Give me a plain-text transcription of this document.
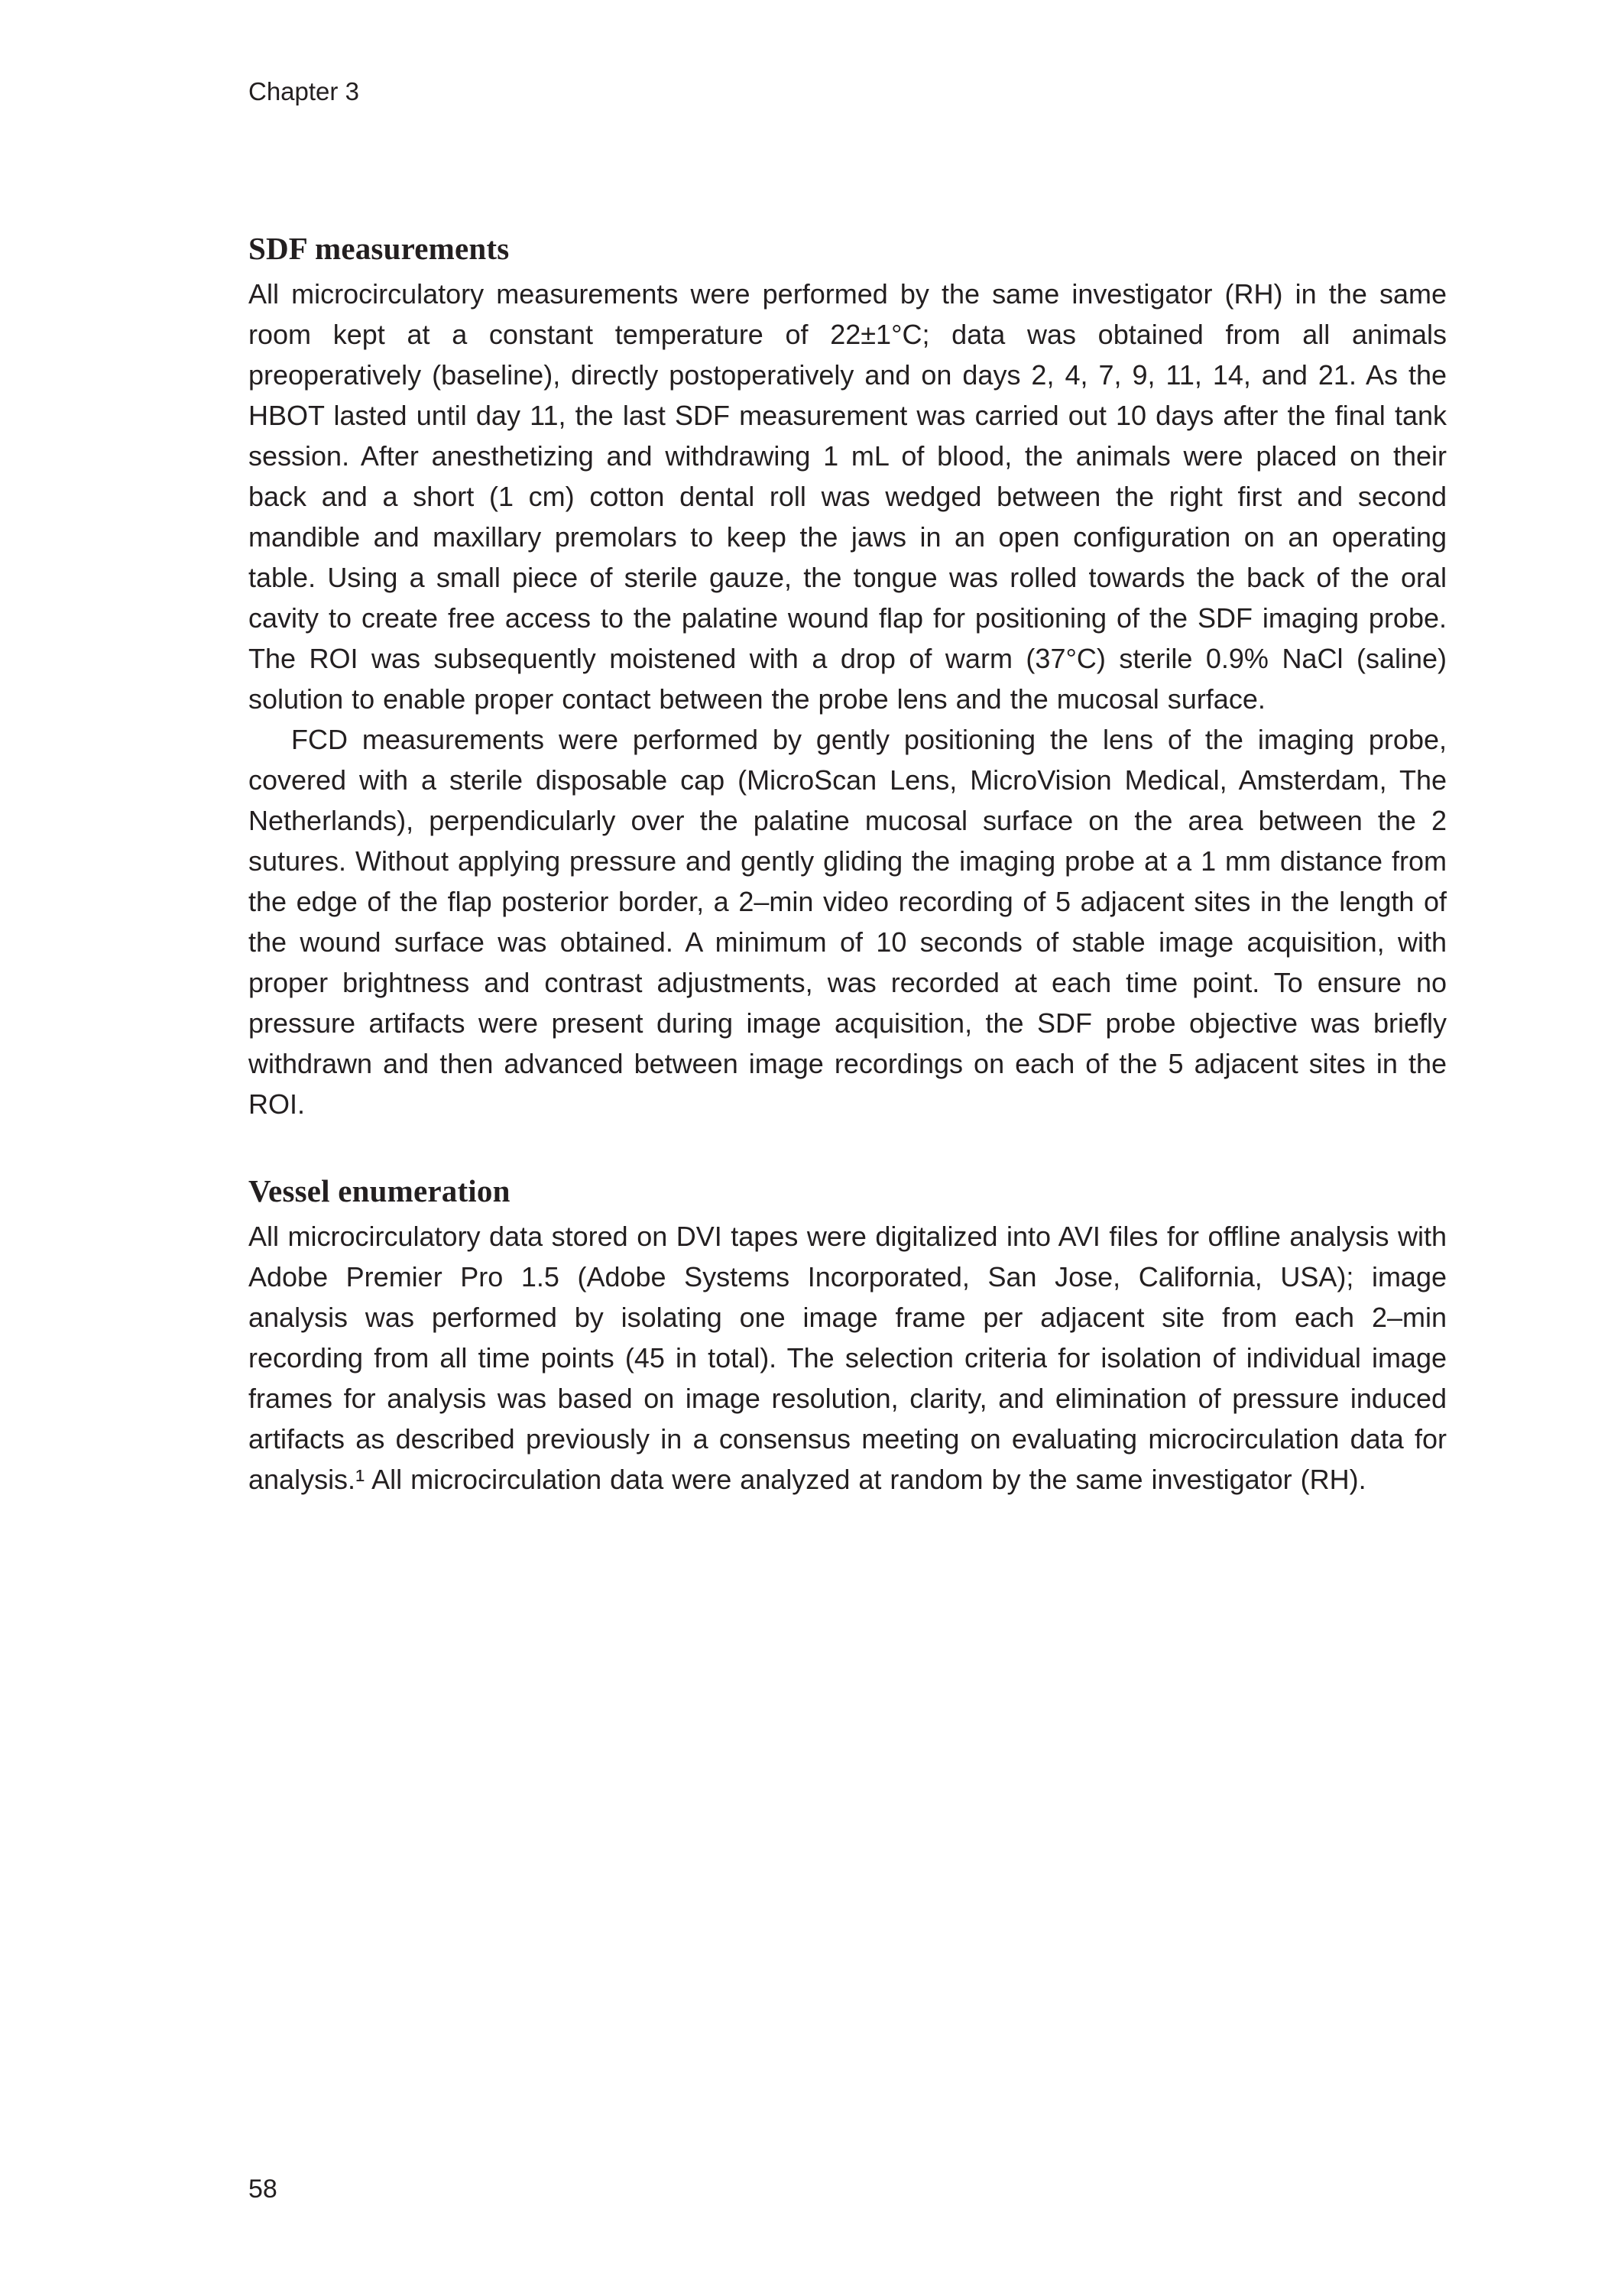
Chapter 3
SDF measurements

All microcirculatory measurements were performed by the same investigator (RH) in the same room kept at a constant temperature of 22±1°C; data was obtained from all animals preoperatively (baseline), directly postoperatively and on days 2, 4, 7, 9, 11, 14, and 21. As the HBOT lasted until day 11, the last SDF measurement was carried out 10 days after the final tank session. After anesthetizing and withdrawing 1 mL of blood, the animals were placed on their back and a short (1 cm) cotton dental roll was wedged between the right first and second mandible and maxillary premolars to keep the jaws in an open configuration on an operating table. Using a small piece of sterile gauze, the tongue was rolled towards the back of the oral cavity to create free access to the palatine wound flap for positioning of the SDF imaging probe. The ROI was subsequently moistened with a drop of warm (37°C) sterile 0.9% NaCl (saline) solution to enable proper contact between the probe lens and the mucosal surface.

FCD measurements were performed by gently positioning the lens of the imaging probe, covered with a sterile disposable cap (MicroScan Lens, MicroVision Medical, Amsterdam, The Netherlands), perpendicularly over the palatine mucosal surface on the area between the 2 sutures. Without applying pressure and gently gliding the imaging probe at a 1 mm distance from the edge of the flap posterior border, a 2–min video recording of 5 adjacent sites in the length of the wound surface was obtained. A minimum of 10 seconds of stable image acquisition, with proper brightness and contrast adjustments, was recorded at each time point. To ensure no pressure artifacts were present during image acquisition, the SDF probe objective was briefly withdrawn and then advanced between image recordings on each of the 5 adjacent sites in the ROI.

Vessel enumeration

All microcirculatory data stored on DVI tapes were digitalized into AVI files for offline analysis with Adobe Premier Pro 1.5 (Adobe Systems Incorporated, San Jose, California, USA); image analysis was performed by isolating one image frame per adjacent site from each 2–min recording from all time points (45 in total). The selection criteria for isolation of individual image frames for analysis was based on image resolution, clarity, and elimination of pressure induced artifacts as described previously in a consensus meeting on evaluating microcirculation data for analysis.¹ All microcirculation data were analyzed at random by the same investigator (RH).

58
